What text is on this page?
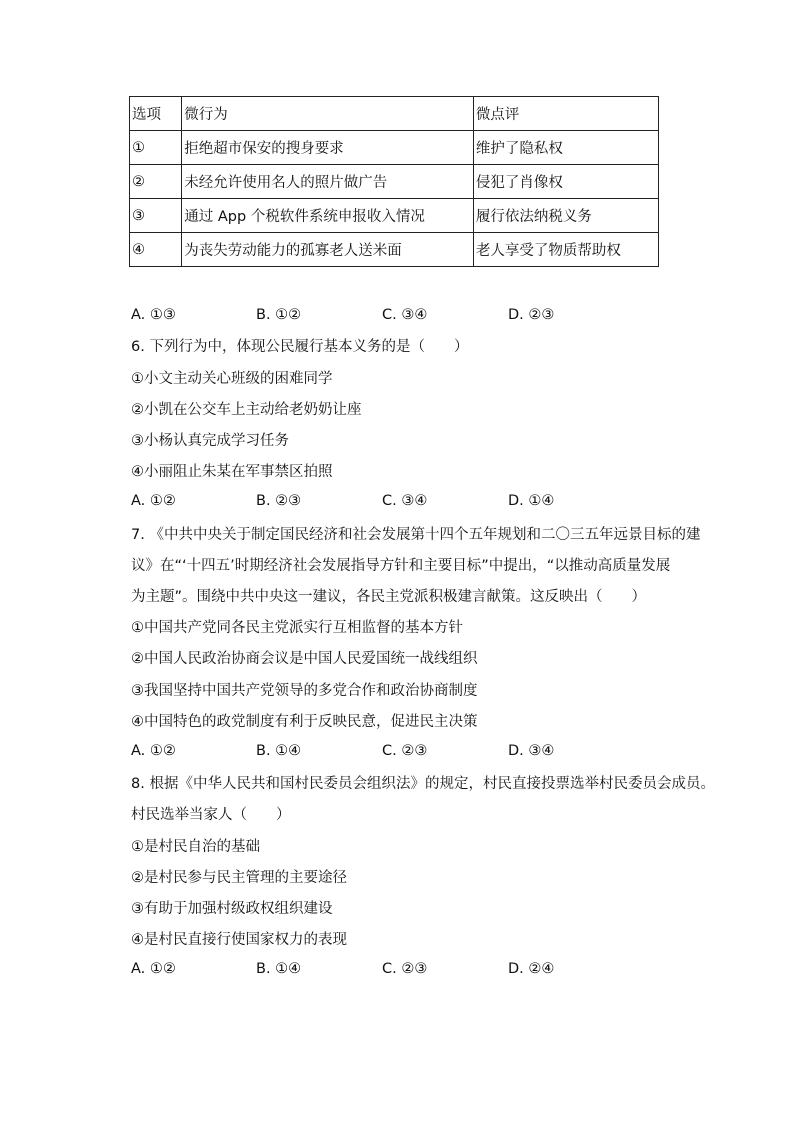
选项	微行为	微点评
①	拒绝超市保安的搜身要求	维护了隐私权
②	未经允许使用名人的照片做广告	侵犯了肖像权
③	通过 App 个税软件系统申报收入情况	履行依法纳税义务
④	为丧失劳动能力的孤寡老人送米面	老人享受了物质帮助权
A. ①③	B. ①②	C. ③④	D. ②③
6. 下列行为中，体现公民履行基本义务的是（　　）
①小文主动关心班级的困难同学
②小凯在公交车上主动给老奶奶让座
③小杨认真完成学习任务
④小丽阻止朱某在军事禁区拍照
A. ①②	B. ②③	C. ③④	D. ①④
7. 《中共中央关于制定国民经济和社会发展第十四个五年规划和二〇三五年远景目标的建
议》在“‘十四五’时期经济社会发展指导方针和主要目标”中提出，“以推动高质量发展
为主题”。围绕中共中央这一建议，各民主党派积极建言献策。这反映出（　　）
①中国共产党同各民主党派实行互相监督的基本方针
②中国人民政治协商会议是中国人民爱国统一战线组织
③我国坚持中国共产党领导的多党合作和政治协商制度
④中国特色的政党制度有利于反映民意，促进民主决策
A. ①②	B. ①④	C. ②③	D. ③④
8. 根据《中华人民共和国村民委员会组织法》的规定，村民直接投票选举村民委员会成员。
村民选举当家人（　　）
①是村民自治的基础
②是村民参与民主管理的主要途径
③有助于加强村级政权组织建设
④是村民直接行使国家权力的表现
A. ①②	B. ①④	C. ②③	D. ②④
